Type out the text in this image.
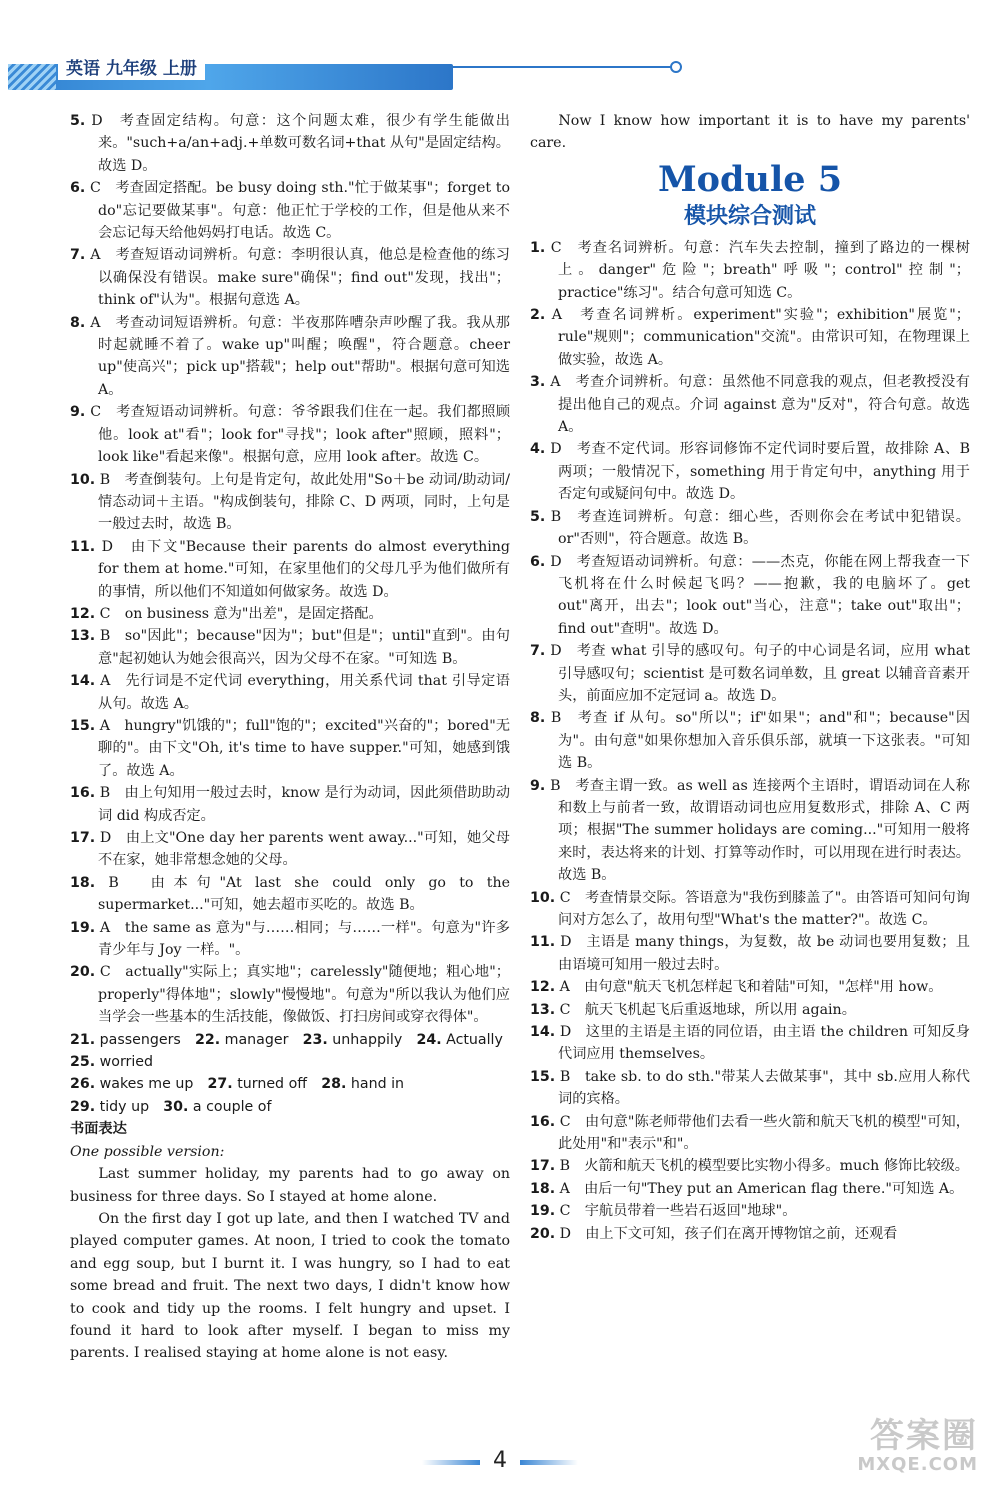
英语 九年级 上册

5. D　考查固定结构。句意：这个问题太难，很少有学生能做出来。"such+a/an+adj.+单数可数名词+that 从句"是固定结构。故选 D。

6. C　考查固定搭配。be busy doing sth."忙于做某事"；forget to do"忘记要做某事"。句意：他正忙于学校的工作，但是他从来不会忘记每天给他妈妈打电话。故选 C。

7. A　考查短语动词辨析。句意：李明很认真，他总是检查他的练习以确保没有错误。make sure"确保"；find out"发现，找出"；think of"认为"。根据句意选 A。

8. A　考查动词短语辨析。句意：半夜那阵嘈杂声吵醒了我。我从那时起就睡不着了。wake up"叫醒；唤醒"，符合题意。cheer up"使高兴"；pick up"搭载"；help out"帮助"。根据句意可知选 A。

9. C　考查短语动词辨析。句意：爷爷跟我们住在一起。我们都照顾他。look at"看"；look for"寻找"；look after"照顾，照料"；look like"看起来像"。根据句意，应用 look after。故选 C。

10. B　考查倒装句。上句是肯定句，故此处用"So＋be 动词/助动词/情态动词＋主语。"构成倒装句，排除 C、D 两项，同时，上句是一般过去时，故选 B。

11. D　由下文"Because their parents do almost everything for them at home."可知，在家里他们的父母几乎为他们做所有的事情，所以他们不知道如何做家务。故选 D。

12. C　on business 意为"出差"，是固定搭配。

13. B　so"因此"；because"因为"；but"但是"；until"直到"。由句意"起初她认为她会很高兴，因为父母不在家。"可知选 B。

14. A　先行词是不定代词 everything，用关系代词 that 引导定语从句。故选 A。

15. A　hungry"饥饿的"；full"饱的"；excited"兴奋的"；bored"无聊的"。由下文"Oh, it's time to have supper."可知，她感到饿了。故选 A。

16. B　由上句知用一般过去时，know 是行为动词，因此须借助助动词 did 构成否定。

17. D　由上文"One day her parents went away..."可知，她父母不在家，她非常想念她的父母。

18. B　由本句"At last she could only go to the supermarket..."可知，她去超市买吃的。故选 B。

19. A　the same as 意为"与……相同；与……一样"。句意为"许多青少年与 Joy 一样。"。

20. C　actually"实际上；真实地"；carelessly"随便地；粗心地"；properly"得体地"；slowly"慢慢地"。句意为"所以我认为他们应当学会一些基本的生活技能，像做饭、打扫房间或穿衣得体"。

21. passengers  22. manager  23. unhappily  24. Actually

25. worried

26. wakes me up  27. turned off  28. hand in

29. tidy up  30. a couple of

书面表达

One possible version:

Last summer holiday, my parents had to go away on business for three days. So I stayed at home alone.

On the first day I got up late, and then I watched TV and played computer games. At noon, I tried to cook the tomato and egg soup, but I burnt it. I was hungry, so I had to eat some bread and fruit. The next two days, I didn't know how to cook and tidy up the rooms. I felt hungry and upset. I found it hard to look after myself. I began to miss my parents. I realised staying at home alone is not easy.

Now I know how important it is to have my parents' care.

Module 5
模块综合测试

1. C　考查名词辨析。句意：汽车失去控制，撞到了路边的一棵树上。danger"危险"；breath"呼吸"；control"控制"；practice"练习"。结合句意可知选 C。

2. A　考查名词辨析。experiment"实验"；exhibition"展览"；rule"规则"；communication"交流"。由常识可知，在物理课上做实验，故选 A。

3. A　考查介词辨析。句意：虽然他不同意我的观点，但老教授没有提出他自己的观点。介词 against 意为"反对"，符合句意。故选 A。

4. D　考查不定代词。形容词修饰不定代词时要后置，故排除 A、B 两项；一般情况下，something 用于肯定句中，anything 用于否定句或疑问句中。故选 D。

5. B　考查连词辨析。句意：细心些，否则你会在考试中犯错误。or"否则"，符合题意。故选 B。

6. D　考查短语动词辨析。句意：——杰克，你能在网上帮我查一下飞机将在什么时候起飞吗？——抱歉，我的电脑坏了。get out"离开，出去"；look out"当心，注意"；take out"取出"；find out"查明"。故选 D。

7. D　考查 what 引导的感叹句。句子的中心词是名词，应用 what 引导感叹句；scientist 是可数名词单数，且 great 以辅音音素开头，前面应加不定冠词 a。故选 D。

8. B　考查 if 从句。so"所以"；if"如果"；and"和"；because"因为"。由句意"如果你想加入音乐俱乐部，就填一下这张表。"可知选 B。

9. B　考查主谓一致。as well as 连接两个主语时，谓语动词在人称和数上与前者一致，故谓语动词也应用复数形式，排除 A、C 两项；根据"The summer holidays are coming..."可知用一般将来时，表达将来的计划、打算等动作时，可以用现在进行时表达。故选 B。

10. C　考查情景交际。答语意为"我伤到膝盖了"。由答语可知问句询问对方怎么了，故用句型"What's the matter?"。故选 C。

11. D　主语是 many things，为复数，故 be 动词也要用复数；且由语境可知用一般过去时。

12. A　由句意"航天飞机怎样起飞和着陆"可知，"怎样"用 how。

13. C　航天飞机起飞后重返地球，所以用 again。

14. D　这里的主语是主语的同位语，由主语 the children 可知反身代词应用 themselves。

15. B　take sb. to do sth."带某人去做某事"，其中 sb.应用人称代词的宾格。

16. C　由句意"陈老师带他们去看一些火箭和航天飞机的模型"可知，此处用"和"表示"和"。

17. B　火箭和航天飞机的模型要比实物小得多。much 修饰比较级。

18. A　由后一句"They put an American flag there."可知选 A。

19. C　宇航员带着一些岩石返回"地球"。

20. D　由上下文可知，孩子们在离开博物馆之前，还观看

4
答案圈
MXQE.COM
